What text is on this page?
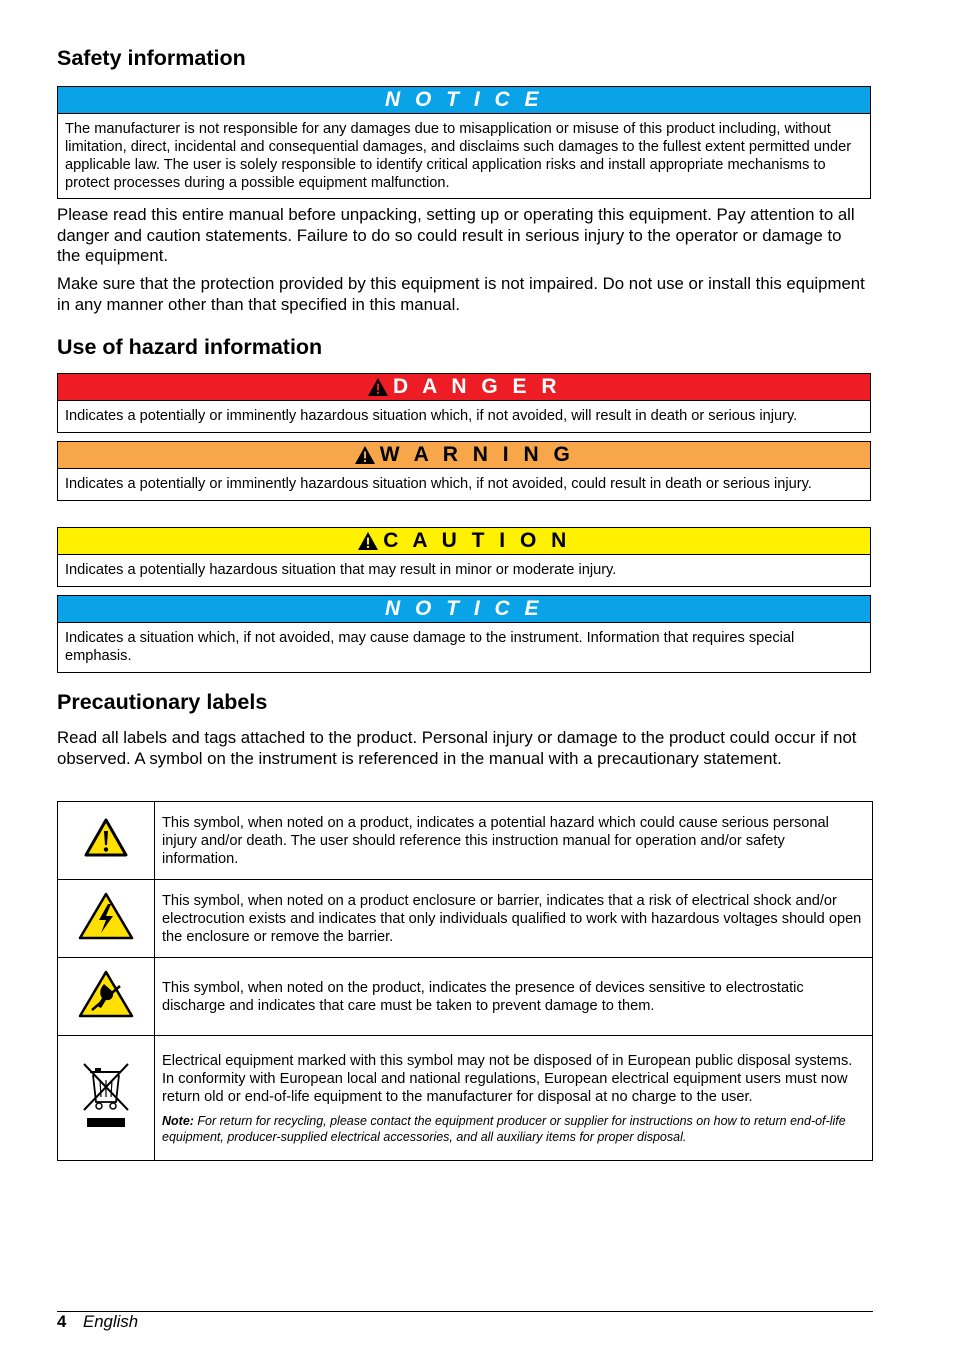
Safety information
N O T I C E
The manufacturer is not responsible for any damages due to misapplication or misuse of this product including, without limitation, direct, incidental and consequential damages, and disclaims such damages to the fullest extent permitted under applicable law. The user is solely responsible to identify critical application risks and install appropriate mechanisms to protect processes during a possible equipment malfunction.

Please read this entire manual before unpacking, setting up or operating this equipment. Pay attention to all danger and caution statements. Failure to do so could result in serious injury to the operator or damage to the equipment.

Make sure that the protection provided by this equipment is not impaired. Do not use or install this equipment in any manner other than that specified in this manual.

Use of hazard information
D A N G E R
Indicates a potentially or imminently hazardous situation which, if not avoided, will result in death or serious injury.
W A R N I N G
Indicates a potentially or imminently hazardous situation which, if not avoided, could result in death or serious injury.
C A U T I O N
Indicates a potentially hazardous situation that may result in minor or moderate injury.
N O T I C E
Indicates a situation which, if not avoided, may cause damage to the instrument. Information that requires special emphasis.
Precautionary labels

Read all labels and tags attached to the product. Personal injury or damage to the product could occur if not observed. A symbol on the instrument is referenced in the manual with a precautionary statement.

	This symbol, when noted on a product, indicates a potential hazard which could cause serious personal injury and/or death. The user should reference this instruction manual for operation and/or safety information.
	This symbol, when noted on a product enclosure or barrier, indicates that a risk of electrical shock and/or electrocution exists and indicates that only individuals qualified to work with hazardous voltages should open the enclosure or remove the barrier.
	This symbol, when noted on the product, indicates the presence of devices sensitive to electrostatic discharge and indicates that care must be taken to prevent damage to them.

Electrical equipment marked with this symbol may not be disposed of in European public disposal systems. In conformity with European local and national regulations, European electrical equipment users must now return old or end-of-life equipment to the manufacturer for disposal at no charge to the user.
Note: For return for recycling, please contact the equipment producer or supplier for instructions on how to return end-of-life equipment, producer-supplied electrical accessories, and all auxiliary items for proper disposal.
4 English
